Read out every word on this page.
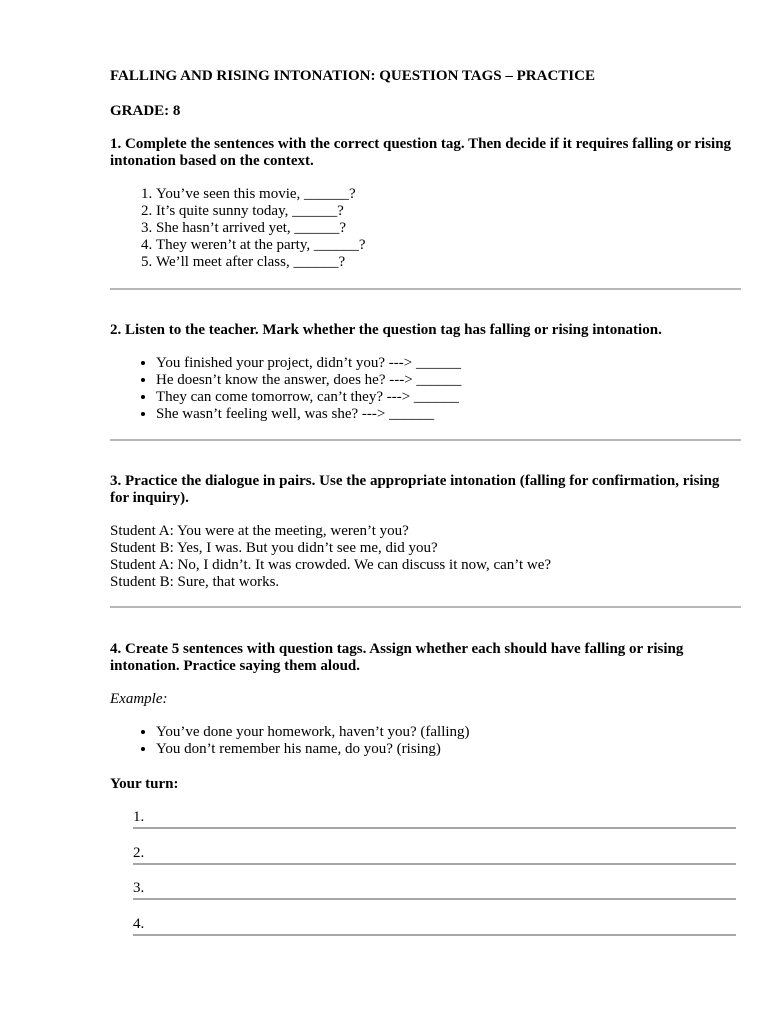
FALLING AND RISING INTONATION: QUESTION TAGS – PRACTICE
GRADE: 8

1. Complete the sentences with the correct question tag. Then decide if it requires falling or rising intonation based on the context.

1. You’ve seen this movie, ______?
2. It’s quite sunny today, ______?
3. She hasn’t arrived yet, ______?
4. They weren’t at the party, ______?
5. We’ll meet after class, ______?

2. Listen to the teacher. Mark whether the question tag has falling or rising intonation.

• You finished your project, didn’t you? ---> ______
• He doesn’t know the answer, does he? ---> ______
• They can come tomorrow, can’t they? ---> ______
• She wasn’t feeling well, was she? ---> ______

3. Practice the dialogue in pairs. Use the appropriate intonation (falling for confirmation, rising for inquiry).

Student A: You were at the meeting, weren’t you?
Student B: Yes, I was. But you didn’t see me, did you?
Student A: No, I didn’t. It was crowded. We can discuss it now, can’t we?
Student B: Sure, that works.

4. Create 5 sentences with question tags. Assign whether each should have falling or rising intonation. Practice saying them aloud.

Example:

• You’ve done your homework, haven’t you? (falling)
• You don’t remember his name, do you? (rising)
Your turn:
1.
2.
3.
4.
